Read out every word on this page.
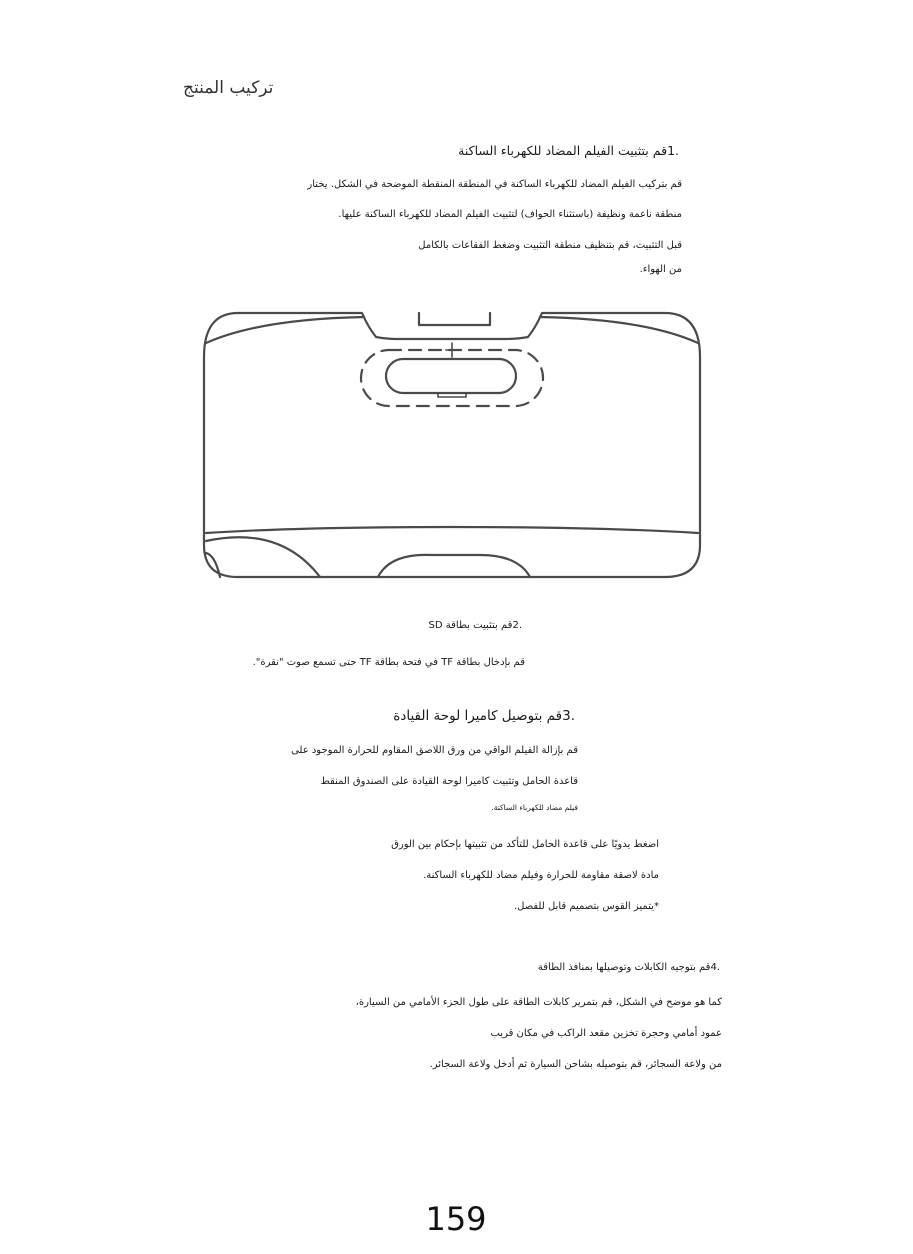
تركيب المنتج
.1قم بتثبيت الفيلم المضاد للكهرباء الساكنة
قم بتركيب الفيلم المضاد للكهرباء الساكنة في المنطقة المنقطة الموضحة في الشكل. يختار
منطقة ناعمة ونظيفة (باستثناء الحواف) لتثبيت الفيلم المضاد للكهرباء الساكنة عليها.
قبل التثبيت، قم بتنظيف منطقة التثبيت وضغط الفقاعات بالكامل
من الهواء.
.2قم بتثبيت بطاقة SD
قم بإدخال بطاقة TF في فتحة بطاقة TF حتى تسمع صوت "نقرة".
.3قم بتوصيل كاميرا لوحة القيادة
قم بإزالة الفيلم الواقي من ورق اللاصق المقاوم للحرارة الموجود على
قاعدة الحامل وتثبيت كاميرا لوحة القيادة على الصندوق المنقط
فيلم مضاد للكهرباء الساكنة.
اضغط يدويًا على قاعدة الحامل للتأكد من تثبيتها بإحكام بين الورق
مادة لاصقة مقاومة للحرارة وفيلم مضاد للكهرباء الساكنة.
*يتميز القوس بتصميم قابل للفصل.
.4قم بتوجيه الكابلات وتوصيلها بمنافذ الطاقة
كما هو موضح في الشكل، قم بتمرير كابلات الطاقة على طول الجزء الأمامي من السيارة،
عمود أمامي وحجرة تخزين مقعد الراكب في مكان قريب
من ولاعة السجائر، قم بتوصيله بشاحن السيارة ثم أدخل ولاعة السجائر.
159
